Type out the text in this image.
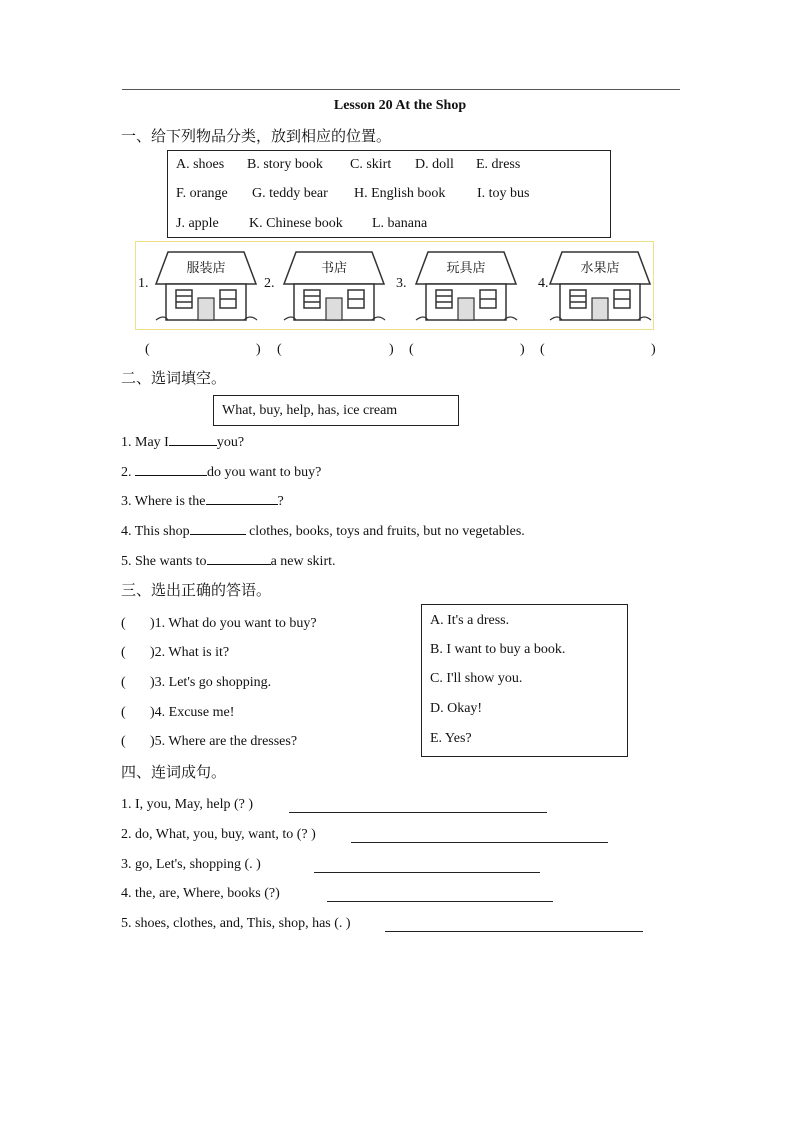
Lesson 20 At the Shop
一、给下列物品分类，放到相应的位置。
A. shoes B. story book C. skirt D. doll E. dress
F. orange G. teddy bear H. English book I. toy bus
J. apple K. Chinese book L. banana
1.
服装店
2.
书店
3.
玩具店
4.
水果店
(	) (	) (	) (	)
二、选词填空。
What, buy, help, has, ice cream
1. May I	you?
2.	do you want to buy?
3. Where is the	?
4. This shop	clothes, books, toys and fruits, but no vegetables.
5. She wants to	a new skirt.
三、选出正确的答语。
( )1. What do you want to buy?
( )2. What is it?
( )3. Let's go shopping.
( )4. Excuse me!
( )5. Where are the dresses?
A. It's a dress.
B. I want to buy a book.
C. I'll show you.
D. Okay!
E. Yes?
四、连词成句。
1. I, you, May, help (? )
2. do, What, you, buy, want, to (? )
3. go, Let's, shopping (. )
4. the, are, Where, books (?)
5. shoes, clothes, and, This, shop, has (. )
